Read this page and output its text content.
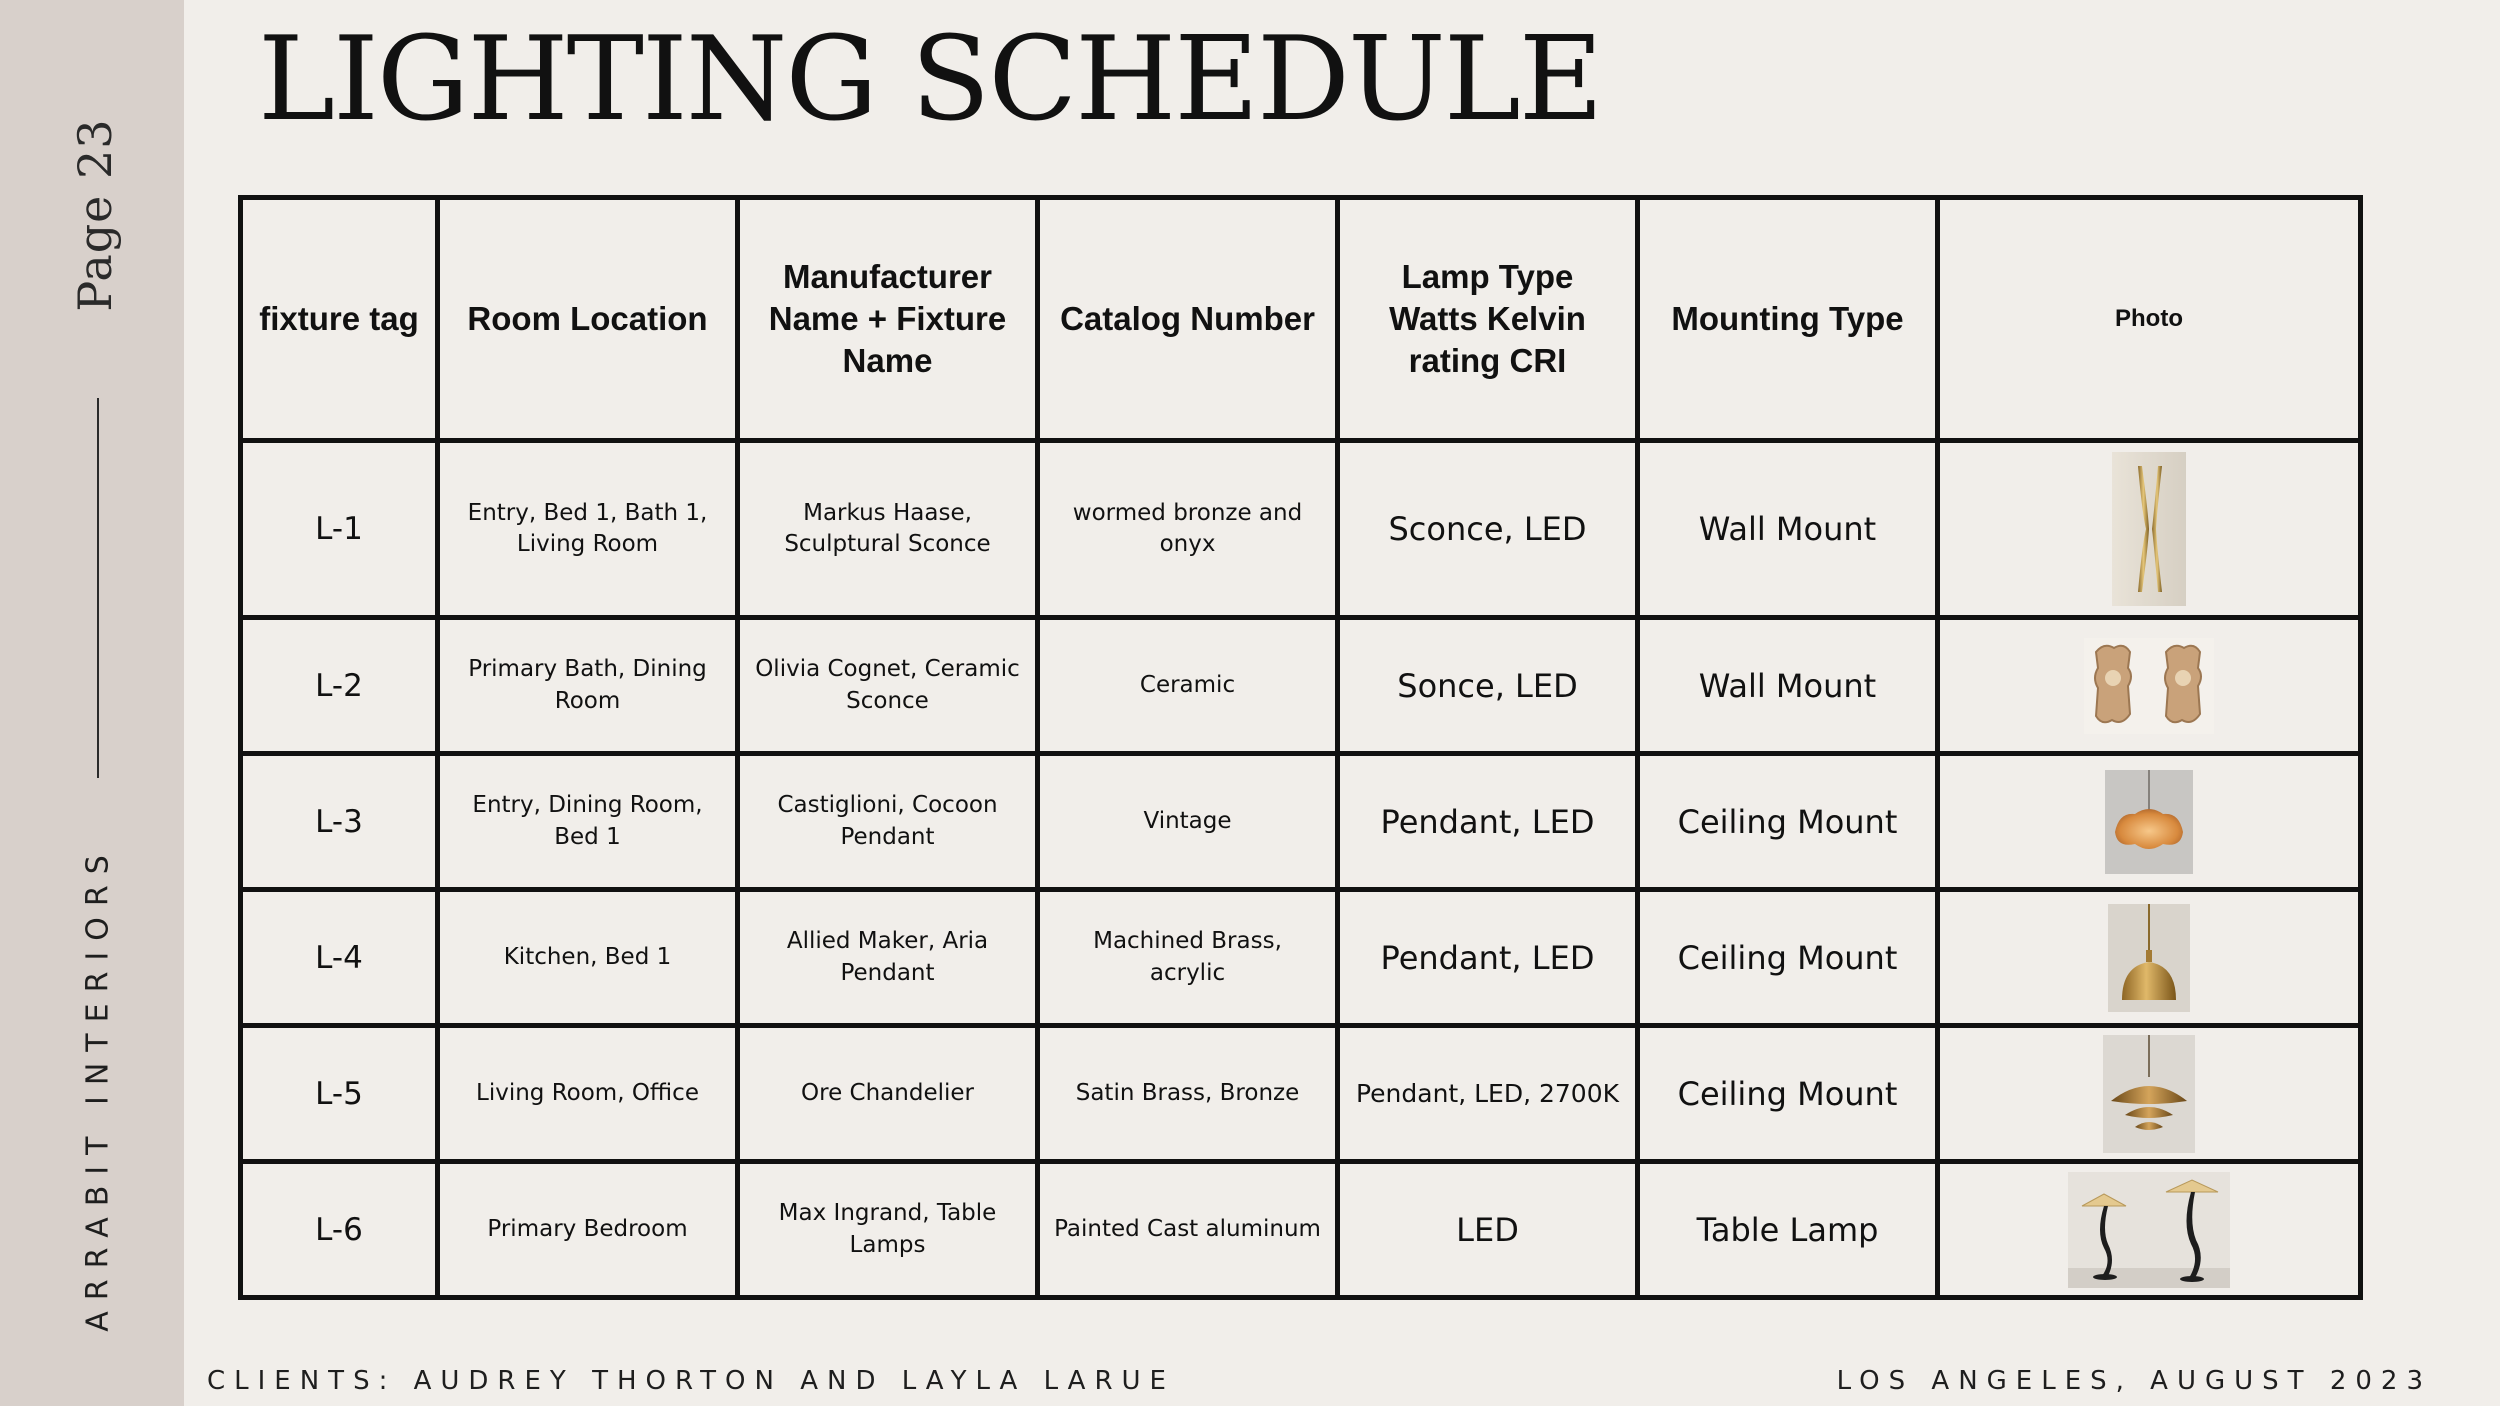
Page 23
ARRABIT INTERIORS
LIGHTING SCHEDULE
fixture tag	Room Location	Manufacturer Name + Fixture Name	Catalog Number	Lamp Type Watts Kelvin rating CRI	Mounting Type	Photo
L-1	Entry, Bed 1, Bath 1, Living Room	Markus Haase, Sculptural Sconce	wormed bronze and onyx	Sconce, LED	Wall Mount	
L-2	Primary Bath, Dining Room	Olivia Cognet, Ceramic Sconce	Ceramic	Sonce, LED	Wall Mount	
L-3	Entry, Dining Room, Bed 1	Castiglioni, Cocoon Pendant	Vintage	Pendant, LED	Ceiling Mount	
L-4	Kitchen, Bed 1	Allied Maker, Aria Pendant	Machined Brass, acrylic	Pendant, LED	Ceiling Mount	
L-5	Living Room, Office	Ore Chandelier	Satin Brass, Bronze	Pendant, LED, 2700K	Ceiling Mount	
L-6	Primary Bedroom	Max Ingrand, Table Lamps	Painted Cast aluminum	LED	Table Lamp	
CLIENTS: AUDREY THORTON AND LAYLA LARUE	LOS ANGELES, AUGUST 2023
